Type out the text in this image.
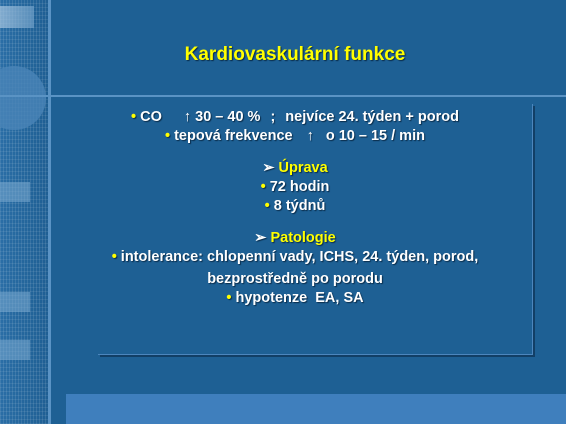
Kardiovaskulární funkce
• CO ↑ 30 – 40 % ; nejvíce 24. týden + porod
• tepová frekvence ↑ o 10 – 15 / min
➢ Úprava
• 72 hodin
• 8 týdnů
➢ Patologie
• intolerance: chlopenní vady, ICHS, 24. týden, porod,
bezprostředně po porodu
• hypotenze  EA, SA
